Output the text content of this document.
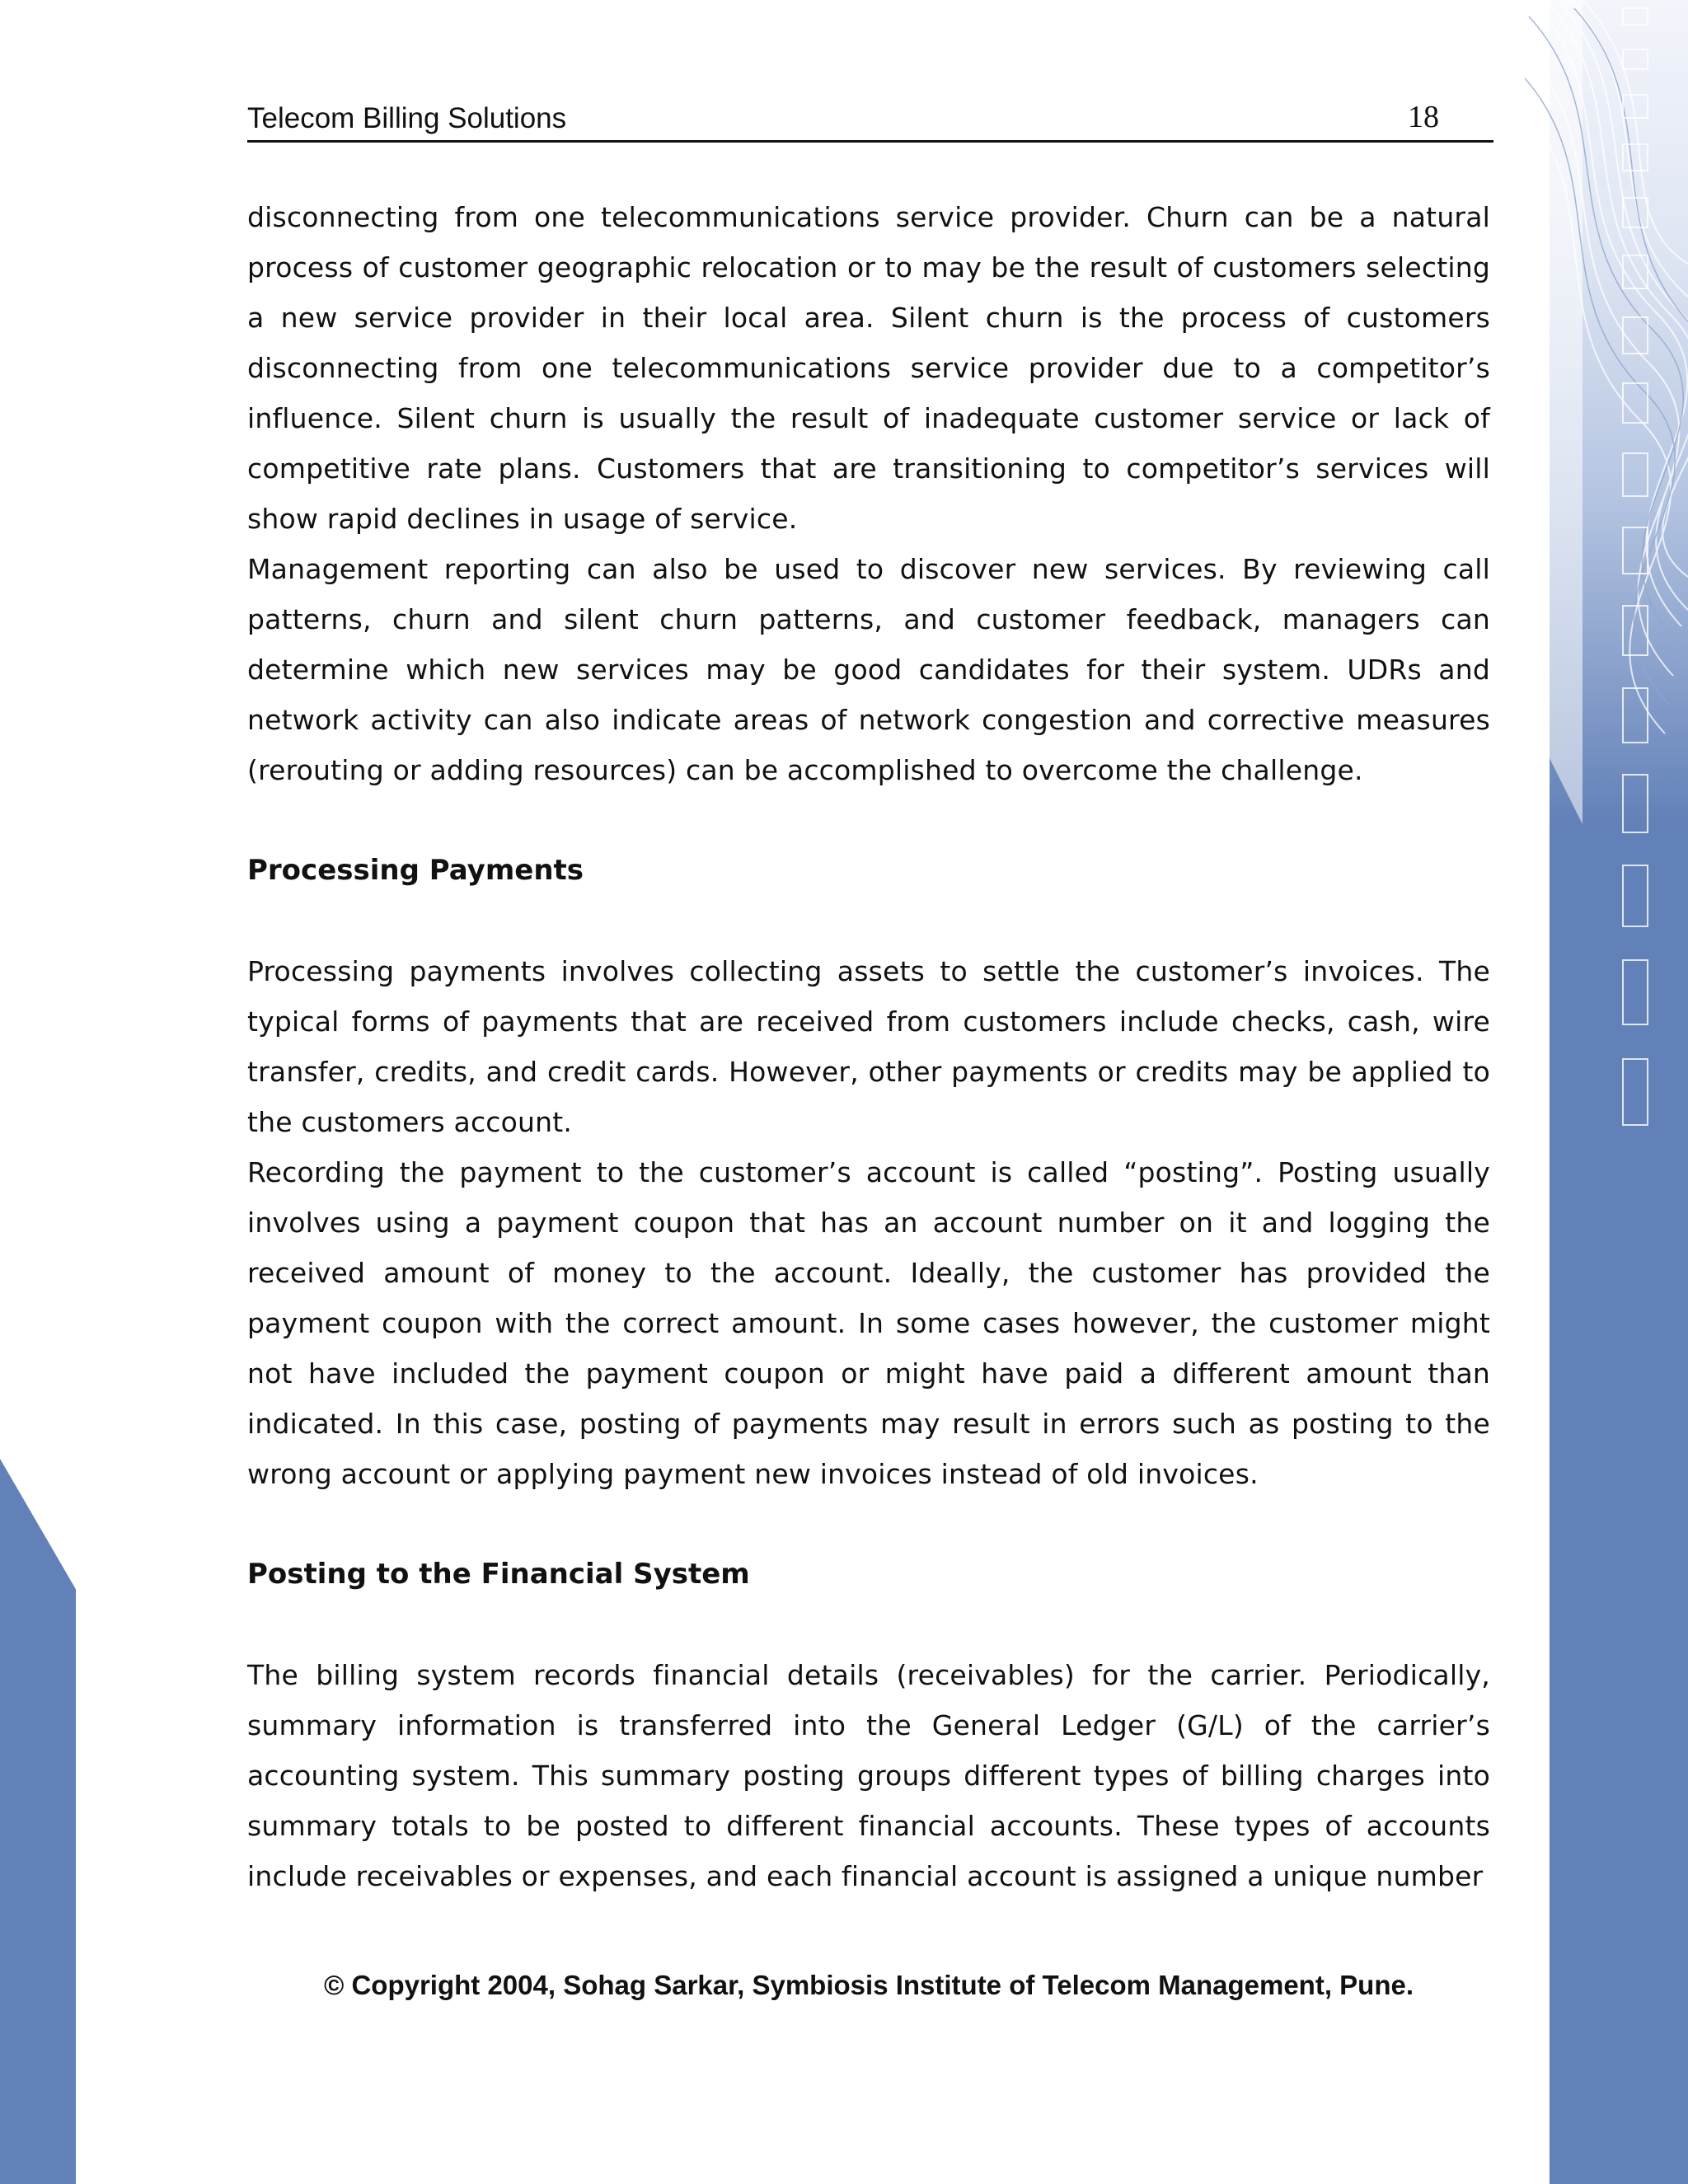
Telecom Billing Solutions	18

disconnecting from one telecommunications service provider. Churn can be a natural process of customer geographic relocation or to may be the result of customers selecting a new service provider in their local area. Silent churn is the process of customers disconnecting from one telecommunications service provider due to a competitor’s influence. Silent churn is usually the result of inadequate customer service or lack of competitive rate plans. Customers that are transitioning to competitor’s services will show rapid declines in usage of service.

Management reporting can also be used to discover new services. By reviewing call patterns, churn and silent churn patterns, and customer feedback, managers can determine which new services may be good candidates for their system. UDRs and network activity can also indicate areas of network congestion and corrective measures (rerouting or adding resources) can be accomplished to overcome the challenge.

Processing Payments

Processing payments involves collecting assets to settle the customer’s invoices. The typical forms of payments that are received from customers include checks, cash, wire transfer, credits, and credit cards. However, other payments or credits may be applied to the customers account.

Recording the payment to the customer’s account is called “posting”. Posting usually involves using a payment coupon that has an account number on it and logging the received amount of money to the account. Ideally, the customer has provided the payment coupon with the correct amount. In some cases however, the customer might not have included the payment coupon or might have paid a different amount than indicated. In this case, posting of payments may result in errors such as posting to the wrong account or applying payment new invoices instead of old invoices.

Posting to the Financial System

The billing system records financial details (receivables) for the carrier. Periodically, summary information is transferred into the General Ledger (G/L) of the carrier’s accounting system. This summary posting groups different types of billing charges into summary totals to be posted to different financial accounts. These types of accounts include receivables or expenses, and each financial account is assigned a unique number

© Copyright 2004, Sohag Sarkar, Symbiosis Institute of Telecom Management, Pune.
